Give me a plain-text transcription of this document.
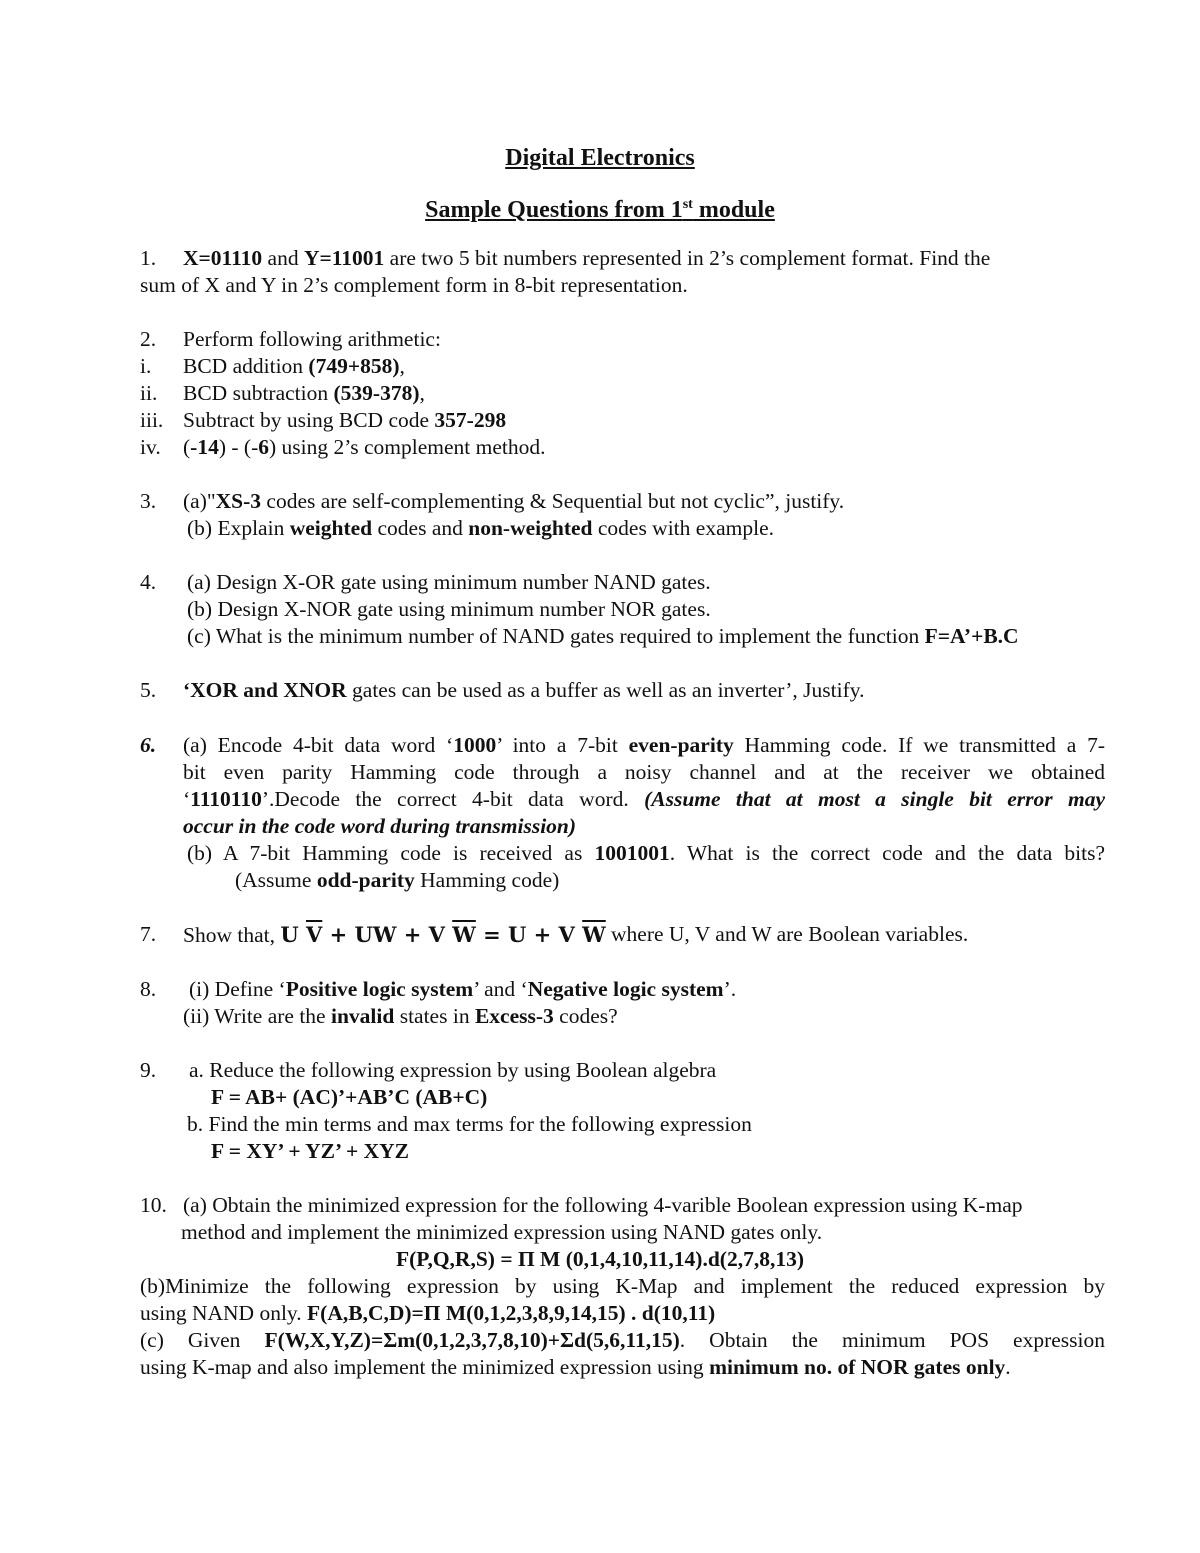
Digital Electronics
Sample Questions from 1st module
1. X=01110 and Y=11001 are two 5 bit numbers represented in 2’s complement format. Find the
sum of X and Y in 2’s complement form in 8-bit representation.
2. Perform following arithmetic:
i. BCD addition (749+858),
ii. BCD subtraction (539-378),
iii. Subtract by using BCD code 357-298
iv. (-14) - (-6) using 2’s complement method.
3. (a)"XS-3 codes are self-complementing & Sequential but not cyclic”, justify.
(b) Explain weighted codes and non-weighted codes with example.
4. (a) Design X-OR gate using minimum number NAND gates.
(b) Design X-NOR gate using minimum number NOR gates.
(c) What is the minimum number of NAND gates required to implement the function F=A’+B.C
5. ‘XOR and XNOR gates can be used as a buffer as well as an inverter’, Justify.
6. (a) Encode 4-bit data word ‘1000’ into a 7-bit even-parity Hamming code. If we transmitted a 7-
bit even parity Hamming code through a noisy channel and at the receiver we obtained
‘1110110’.Decode the correct 4-bit data word. (Assume that at most a single bit error may
occur in the code word during transmission)
(b) A 7-bit Hamming code is received as 1001001. What is the correct code and the data bits?
(Assume odd-parity Hamming code)
7. Show that, U $\overline{V}$ + UW + V $\overline{W} = U + V$ $\overline{W}$ where U, V and W are Boolean variables.
8. (i) Define ‘Positive logic system’ and ‘Negative logic system’.
(ii) Write are the invalid states in Excess-3 codes?
9. a. Reduce the following expression by using Boolean algebra
F = AB+ (AC)’+AB’C (AB+C)
b. Find the min terms and max terms for the following expression
F = XY’ + YZ’ + XYZ
10. (a) Obtain the minimized expression for the following 4-varible Boolean expression using K-map
method and implement the minimized expression using NAND gates only.
F(P,Q,R,S) = Π M (0,1,4,10,11,14).d(2,7,8,13)
(b)Minimize the following expression by using K-Map and implement the reduced expression by
using NAND only. F(A,B,C,D)=Π M(0,1,2,3,8,9,14,15) . d(10,11)
(c) Given F(W,X,Y,Z)=Σm(0,1,2,3,7,8,10)+Σd(5,6,11,15). Obtain the minimum POS expression
using K-map and also implement the minimized expression using minimum no. of NOR gates only.
